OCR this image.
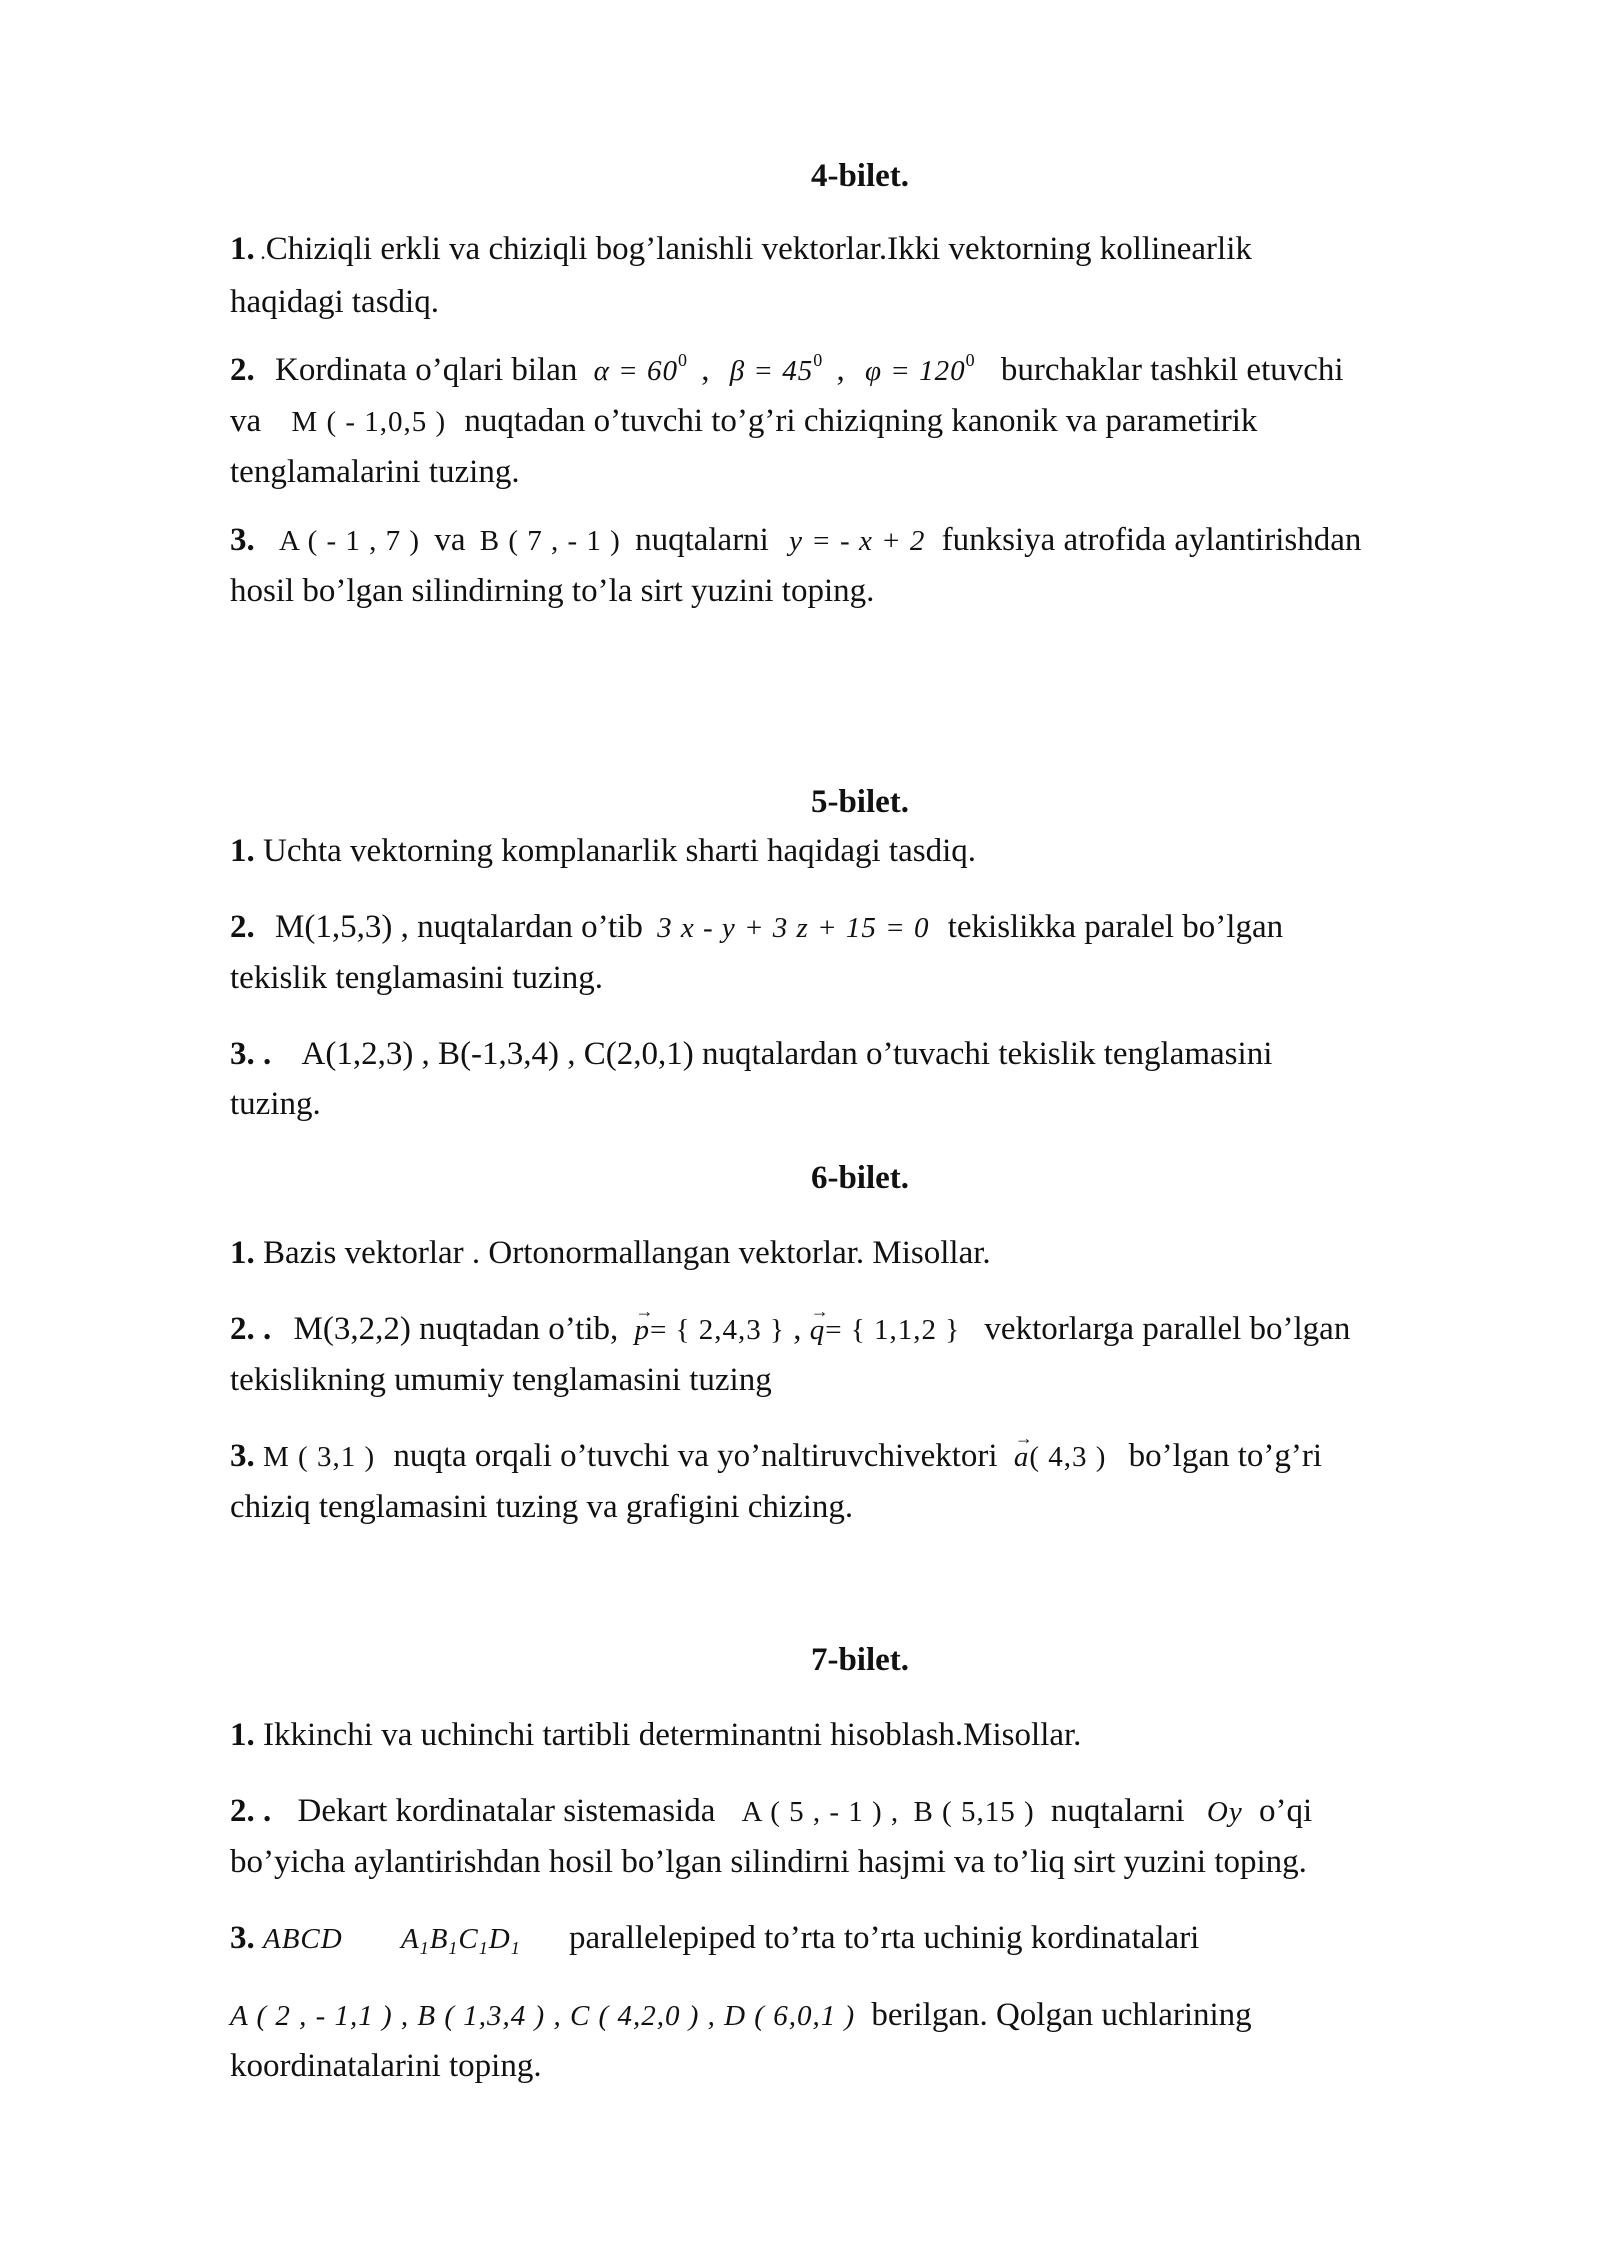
4-bilet.

1. .Chiziqli erkli va chiziqli bog’lanishli vektorlar.Ikki vektorning kollinearlik
haqidagi tasdiq.

2. Kordinata o’qlari bilan $\alpha = 60^0$ , $\beta = 45^0$ , $\varphi = 120^0$ burchaklar tashkil etuvchi
va M ( - 1,0,5 ) nuqtadan o’tuvchi to’g’ri chiziqning kanonik va parametirik
tenglamalarini tuzing.

3. A ( - 1 , 7 ) va B ( 7 , - 1 ) nuqtalarni y = - x + 2 funksiya atrofida aylantirishdan
hosil bo’lgan silindirning to’la sirt yuzini toping.

5-bilet.

1. Uchta vektorning komplanarlik sharti haqidagi tasdiq.

2. M(1,5,3) , nuqtalardan o’tib 3 x - y + 3 z + 15 = 0 tekislikka paralel bo’lgan
tekislik tenglamasini tuzing.

3. . A(1,2,3) , B(-1,3,4) , C(2,0,1) nuqtalardan o’tuvachi tekislik tenglamasini
tuzing.

6-bilet.

1. Bazis vektorlar . Ortonormallangan vektorlar. Misollar.

2. . M(3,2,2) nuqtadan o’tib, → p= { 2,4,3 } , → q= { 1,1,2 } vektorlarga parallel bo’lgan
tekislikning umumiy tenglamasini tuzing

3. M ( 3,1 ) nuqta orqali o’tuvchi va yo’naltiruvchivektori → a( 4,3 ) bo’lgan to’g’ri
chiziq tenglamasini tuzing va grafigini chizing.

7-bilet.

1. Ikkinchi va uchinchi tartibli determinantni hisoblash.Misollar.

2. . Dekart kordinatalar sistemasida A ( 5 , - 1 ) , B ( 5,15 ) nuqtalarni Oy o’qi
bo’yicha aylantirishdan hosil bo’lgan silindirni hasjmi va to’liq sirt yuzini toping.

3. ABCD $A_1B_1C_1D_1$ parallelepiped to’rta to’rta uchinig kordinatalari

A ( 2 , - 1,1 ) , B ( 1,3,4 ) , C ( 4,2,0 ) , D ( 6,0,1 ) berilgan. Qolgan uchlarining
koordinatalarini toping.
